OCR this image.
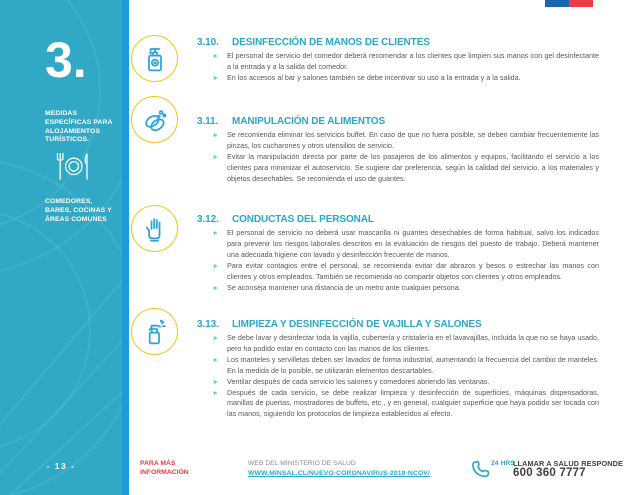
3.
MEDIDAS ESPECÍFICAS PARA ALOJAMIENTOS TURÍSTICOS.
COMEDORES, BARES, COCINAS Y ÁREAS COMUNES
- 13 -
3.10.	DESINFECCIÓN DE MANOS DE CLIENTES
»	El personal de servicio del comedor deberá recomendar a los clientes que limpien sus manos con gel desinfectante a la entrada y a la salida del comedor.
»	En los accesos al bar y salones también se debe incentivar su uso a la entrada y a la salida.
3.11.	MANIPULACIÓN DE ALIMENTOS
»	Se recomienda eliminar los servicios buffet. En caso de que no fuera posible, se deben cambiar frecuentemente las pinzas, los cucharones y otros utensilios de servicio.
»	Evitar la manipulación directa por parte de los pasajeros de los alimentos y equipos, facilitando el servicio a los clientes para minimizar el autoservicio. Se sugiere dar preferencia, según la calidad del servicio, a los materiales y objetos desechables. Se recomienda el uso de guantes.
3.12.	CONDUCTAS DEL PERSONAL
»	El personal de servicio no deberá usar mascarilla ni guantes desechables de forma habitual, salvo los indicados para prevenir los riesgos laborales descritos en la evaluación de riesgos del puesto de trabajo. Deberá mantener una adecuada higiene con lavado y desinfección frecuente de manos.
»	Para evitar contagios entre el personal, se recomienda evitar dar abrazos y besos o estrechar las manos con clientes y otros empleados. También se recomienda no compartir objetos con clientes y otros empleados.
»	Se aconseja mantener una distancia de un metro ante cualquier persona.
3.13.	LIMPIEZA Y DESINFECCIÓN DE VAJILLA Y SALONES
»	Se debe lavar y desinfectar toda la vajilla, cubertería y cristalería en el lavavajillas, incluida la que no se haya usado, pero ha podido estar en contacto con las manos de los clientes.
»	Los manteles y servilletas deben ser lavados de forma industrial, aumentando la frecuencia del cambio de manteles. En la medida de lo posible, se utilizarán elementos descartables.
»	Ventilar después de cada servicio los salones y comedores abriendo las ventanas.
»	Después de cada servicio, se debe realizar limpieza y desinfección de superficies, máquinas dispensadoras, manillas de puertas, mostradores de buffets, etc., y en general, cualquier superficie que haya podido ser tocada con las manos, siguiendo los protocolos de limpieza establecidos al efecto.
PARA MÁS INFORMACIÓN
WEB DEL MINISTERIO DE SALUD
WWW.MINSAL.CL/NUEVO-CORONAVIRUS-2019-NCOV/
24 HRS
LLAMAR A SALUD RESPONDE
600 360 7777
